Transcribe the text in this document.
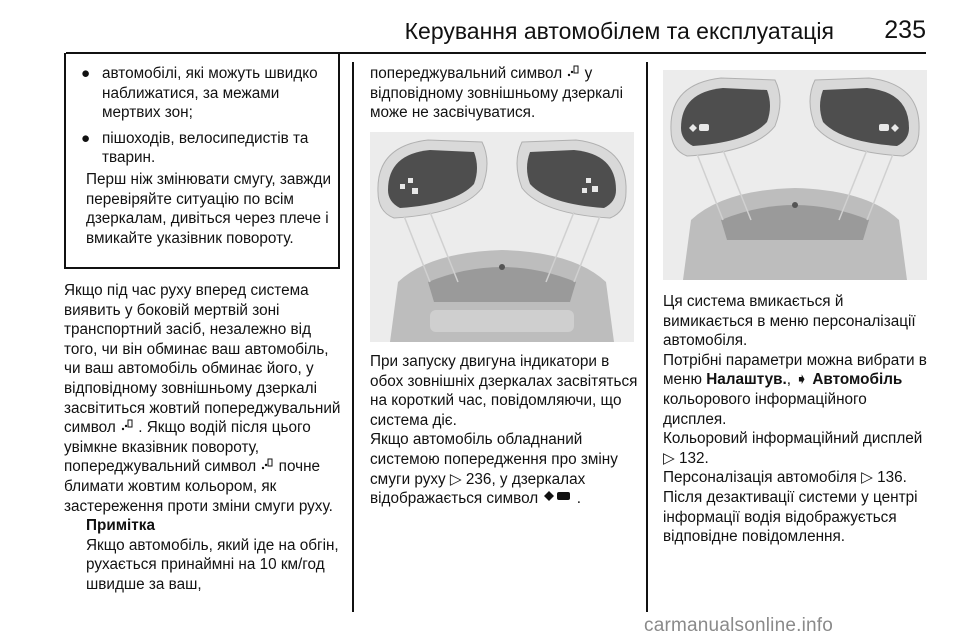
Керування автомобілем та експлуатація 235
● автомобілі, які можуть швидко наближатися, за межами мертвих зон;
● пішоходів, велосипедистів та тварин.
Перш ніж змінювати смугу, завжди перевіряйте ситуацію по всім дзеркалам, дивіться через плече і вмикайте указівник повороту.

Якщо під час руху вперед система виявить у боковій мертвій зоні транспортний засіб, незалежно від того, чи він обминає ваш автомобіль, чи ваш автомобіль обминає його, у відповідному зовнішньому дзеркалі засвітиться жовтий попереджувальний символ . Якщо водій після цього увімкне вказівник повороту, попереджувальний символ почне блимати жовтим кольором, як застереження проти зміни смуги руху.

Примітка

Якщо автомобіль, який іде на обгін, рухається принаймні на 10 км/год швидше за ваш,

попереджувальний символ у відповідному зовнішньому дзеркалі може не засвічуватися.

При запуску двигуна індикатори в обох зовнішніх дзеркалах засвітяться на короткий час, повідомляючи, що система діє.

Якщо автомобіль обладнаний системою попередження про зміну смуги руху ▷ 236, у дзеркалах відображається символ	.

Ця система вмикається й вимикається в меню персоналізації автомобіля.

Потрібні параметри можна вибрати в меню Налаштув., ➧ Автомобіль кольорового інформаційного дисплея.

Кольоровий інформаційний дисплей ▷ 132.

Персоналізація автомобіля ▷ 136.

Після дезактивації системи у центрі інформації водія відображується відповідне повідомлення.

carmanualsonline.info
